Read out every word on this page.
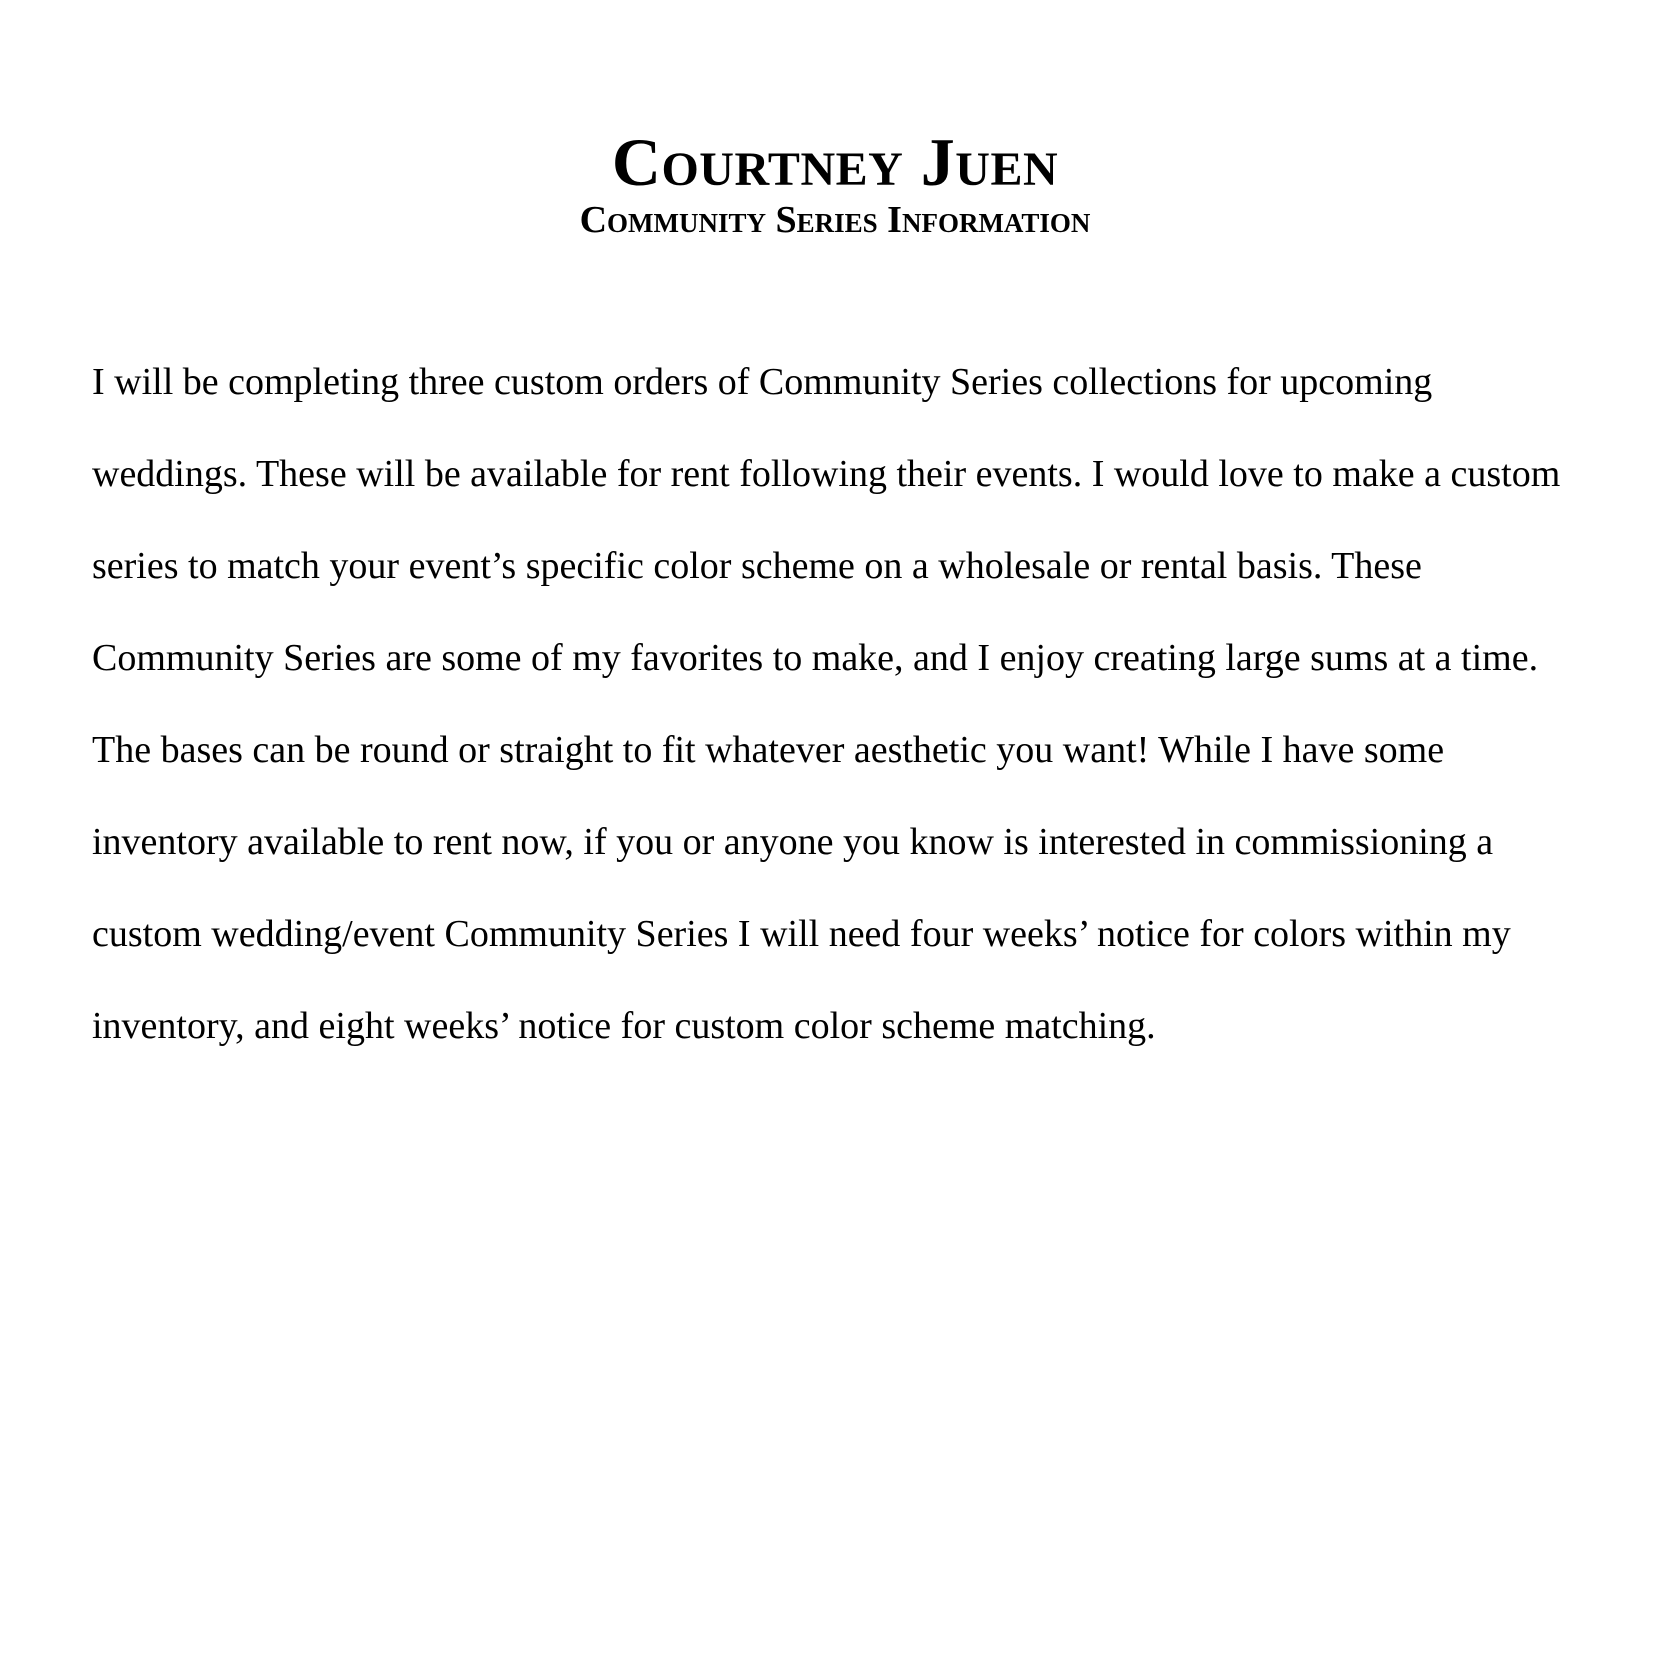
Courtney Juen
Community Series Information
I will be completing three custom orders of Community Series collections for upcoming
weddings. These will be available for rent following their events. I would love to make a custom
series to match your event’s specific color scheme on a wholesale or rental basis. These
Community Series are some of my favorites to make, and I enjoy creating large sums at a time.
The bases can be round or straight to fit whatever aesthetic you want! While I have some
inventory available to rent now, if you or anyone you know is interested in commissioning a
custom wedding/event Community Series I will need four weeks’ notice for colors within my
inventory, and eight weeks’ notice for custom color scheme matching.
